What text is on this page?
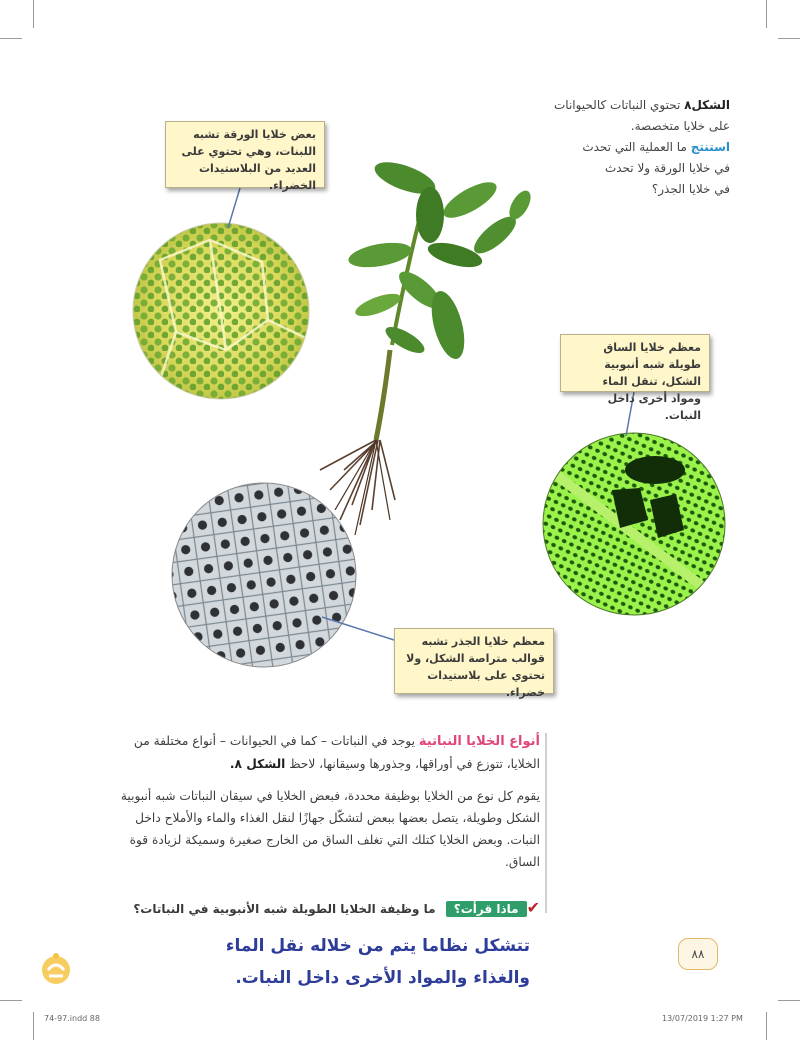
الشكل٨ تحتوي النباتات كالحيوانات
على خلايا متخصصة.
استنتج ما العملية التي تحدث
في خلايا الورقة ولا تحدث
في خلايا الجذر؟
بعض خلايا الورقة تشبه اللبنات، وهي تحتوي على العديد من البلاستيدات الخضراء.
معظم خلايا الساق طويلة شبه أنبوبية الشكل، تنقل الماء ومواد أخرى داخل النبات.
معظم خلايا الجذر تشبه قوالب متراصة الشكل، ولا تحتوي على بلاستيدات خضراء.

أنواع الخلايا النباتية يوجد في النباتات – كما في الحيوانات – أنواع مختلفة من الخلايا، تتوزع في أوراقها، وجذورها وسيقانها، لاحظ الشكل ٨.

يقوم كل نوع من الخلايا بوظيفة محددة، فبعض الخلايا في سيقان النباتات شبه أنبوبية الشكل وطويلة، يتصل بعضها ببعض لتشكّل جهازًا لنقل الغذاء والماء والأملاح داخل النبات. وبعض الخلايا كتلك التي تغلف الساق من الخارج صغيرة وسميكة لزيادة قوة الساق.

✔ماذا قرأت؟ ما وظيفة الخلايا الطويلة شبه الأنبوبية في النباتات؟
تتشكل نظاما يتم من خلاله نقل الماء والغذاء والمواد الأخرى داخل النبات.
٨٨
74-97.indd 88	13/07/2019 1:27 PM
